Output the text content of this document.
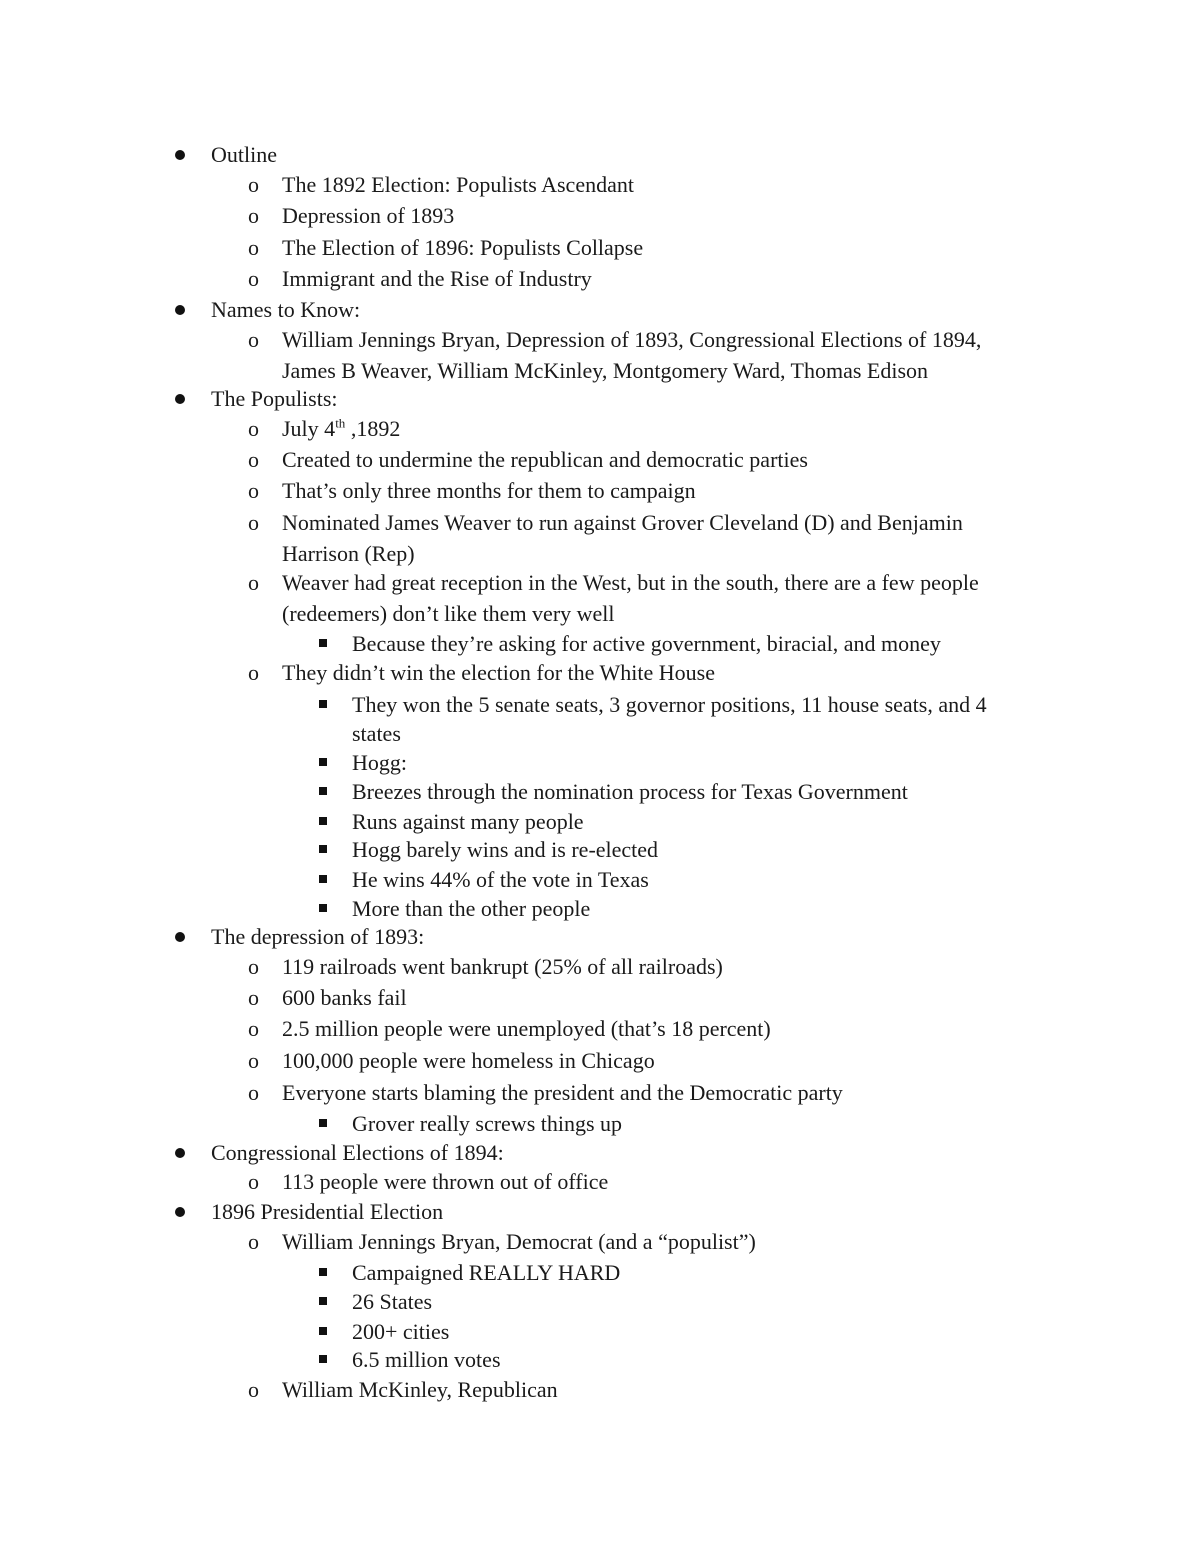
Outline
o The 1892 Election: Populists Ascendant
o Depression of 1893
o The Election of 1896: Populists Collapse
o Immigrant and the Rise of Industry
Names to Know:
o William Jennings Bryan, Depression of 1893, Congressional Elections of 1894,
James B Weaver, William McKinley, Montgomery Ward, Thomas Edison
The Populists:
o July 4th ,1892
o Created to undermine the republican and democratic parties
o That’s only three months for them to campaign
o Nominated James Weaver to run against Grover Cleveland (D) and Benjamin
Harrison (Rep)
o Weaver had great reception in the West, but in the south, there are a few people
(redeemers) don’t like them very well
Because they’re asking for active government, biracial, and money
o They didn’t win the election for the White House
They won the 5 senate seats, 3 governor positions, 11 house seats, and 4
states
Hogg:
Breezes through the nomination process for Texas Government
Runs against many people
Hogg barely wins and is re-elected
He wins 44% of the vote in Texas
More than the other people
The depression of 1893:
o 119 railroads went bankrupt (25% of all railroads)
o 600 banks fail
o 2.5 million people were unemployed (that’s 18 percent)
o 100,000 people were homeless in Chicago
o Everyone starts blaming the president and the Democratic party
Grover really screws things up
Congressional Elections of 1894:
o 113 people were thrown out of office
1896 Presidential Election
o William Jennings Bryan, Democrat (and a “populist”)
Campaigned REALLY HARD
26 States
200+ cities
6.5 million votes
o William McKinley, Republican
